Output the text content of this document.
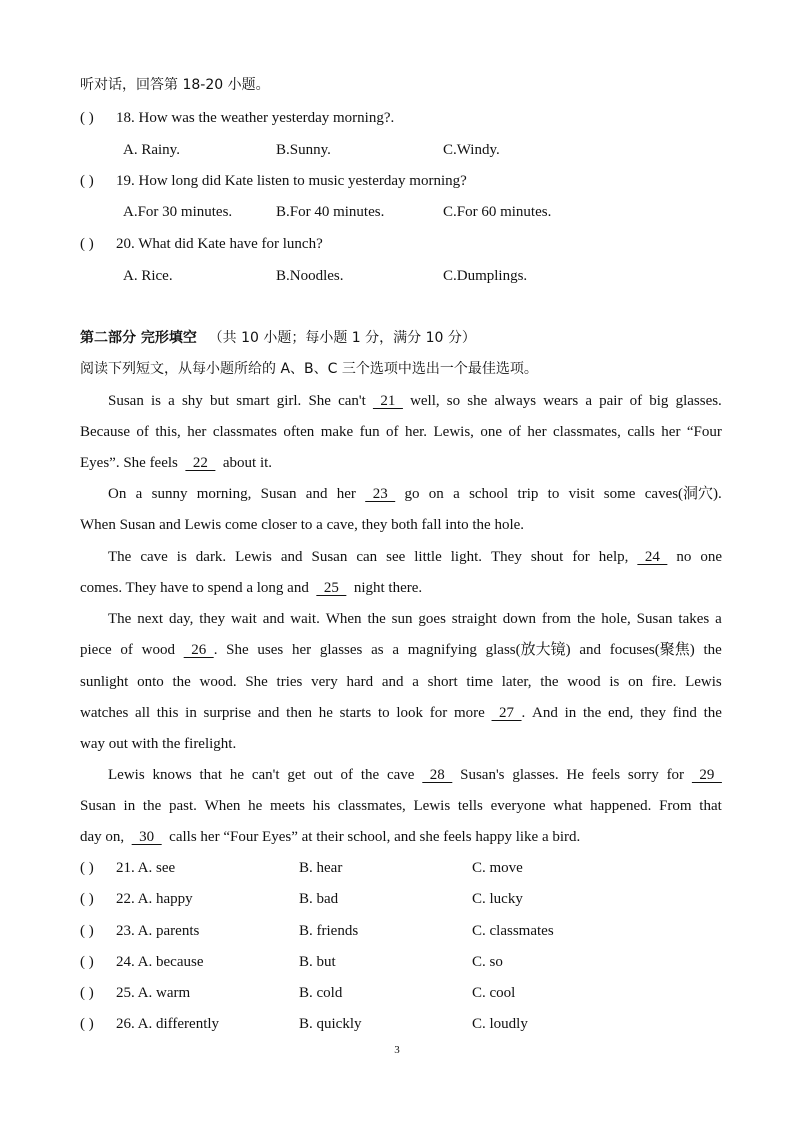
听对话，回答第 18-20 小题。
( ) 18. How was the weather yesterday morning?.
A. Rainy.	B.Sunny.	C.Windy.
( ) 19. How long did Kate listen to music yesterday morning?
A.For 30 minutes.	B.For 40 minutes.	C.For 60 minutes.
( ) 20. What did Kate have for lunch?
A. Rice.	B.Noodles.	C.Dumplings.
第二部分 完形填空 （共 10 小题；每小题 1 分，满分 10 分）
阅读下列短文，从每小题所给的 A、B、C 三个选项中选出一个最佳选项。
Susan is a shy but smart girl. She can't 21 well, so she always wears a pair of big glasses.
Because of this, her classmates often make fun of her. Lewis, one of her classmates, calls her “Four
Eyes”. She feels    22    about it.
On a sunny morning, Susan and her 23 go on a school trip to visit some caves(洞穴).
When Susan and Lewis come closer to a cave, they both fall into the hole.
The cave is dark. Lewis and Susan can see little light. They shout for help, 24 no one
comes. They have to spend a long and    25    night there.
The next day, they wait and wait. When the sun goes straight down from the hole, Susan takes a
piece of wood 26  . She uses her glasses as a magnifying glass(放大镜) and focuses(聚焦) the
sunlight onto the wood. She tries very hard and a short time later, the wood is on fire. Lewis
watches all this in surprise and then he starts to look for more 27  . And in the end, they find the
way out with the firelight.
Lewis knows that he can't get out of the cave 28 Susan's glasses. He feels sorry for 29
Susan in the past. When he meets his classmates, Lewis tells everyone what happened. From that
day on,    30    calls her “Four Eyes” at their school, and she feels happy like a bird.
( ) 21. A. see	B. hear	C. move
( ) 22. A. happy	B. bad	C. lucky
( ) 23. A. parents	B. friends	C. classmates
( ) 24. A. because	B. but	C. so
( ) 25. A. warm	B. cold	C. cool
( ) 26. A. differently	B. quickly	C. loudly
3
